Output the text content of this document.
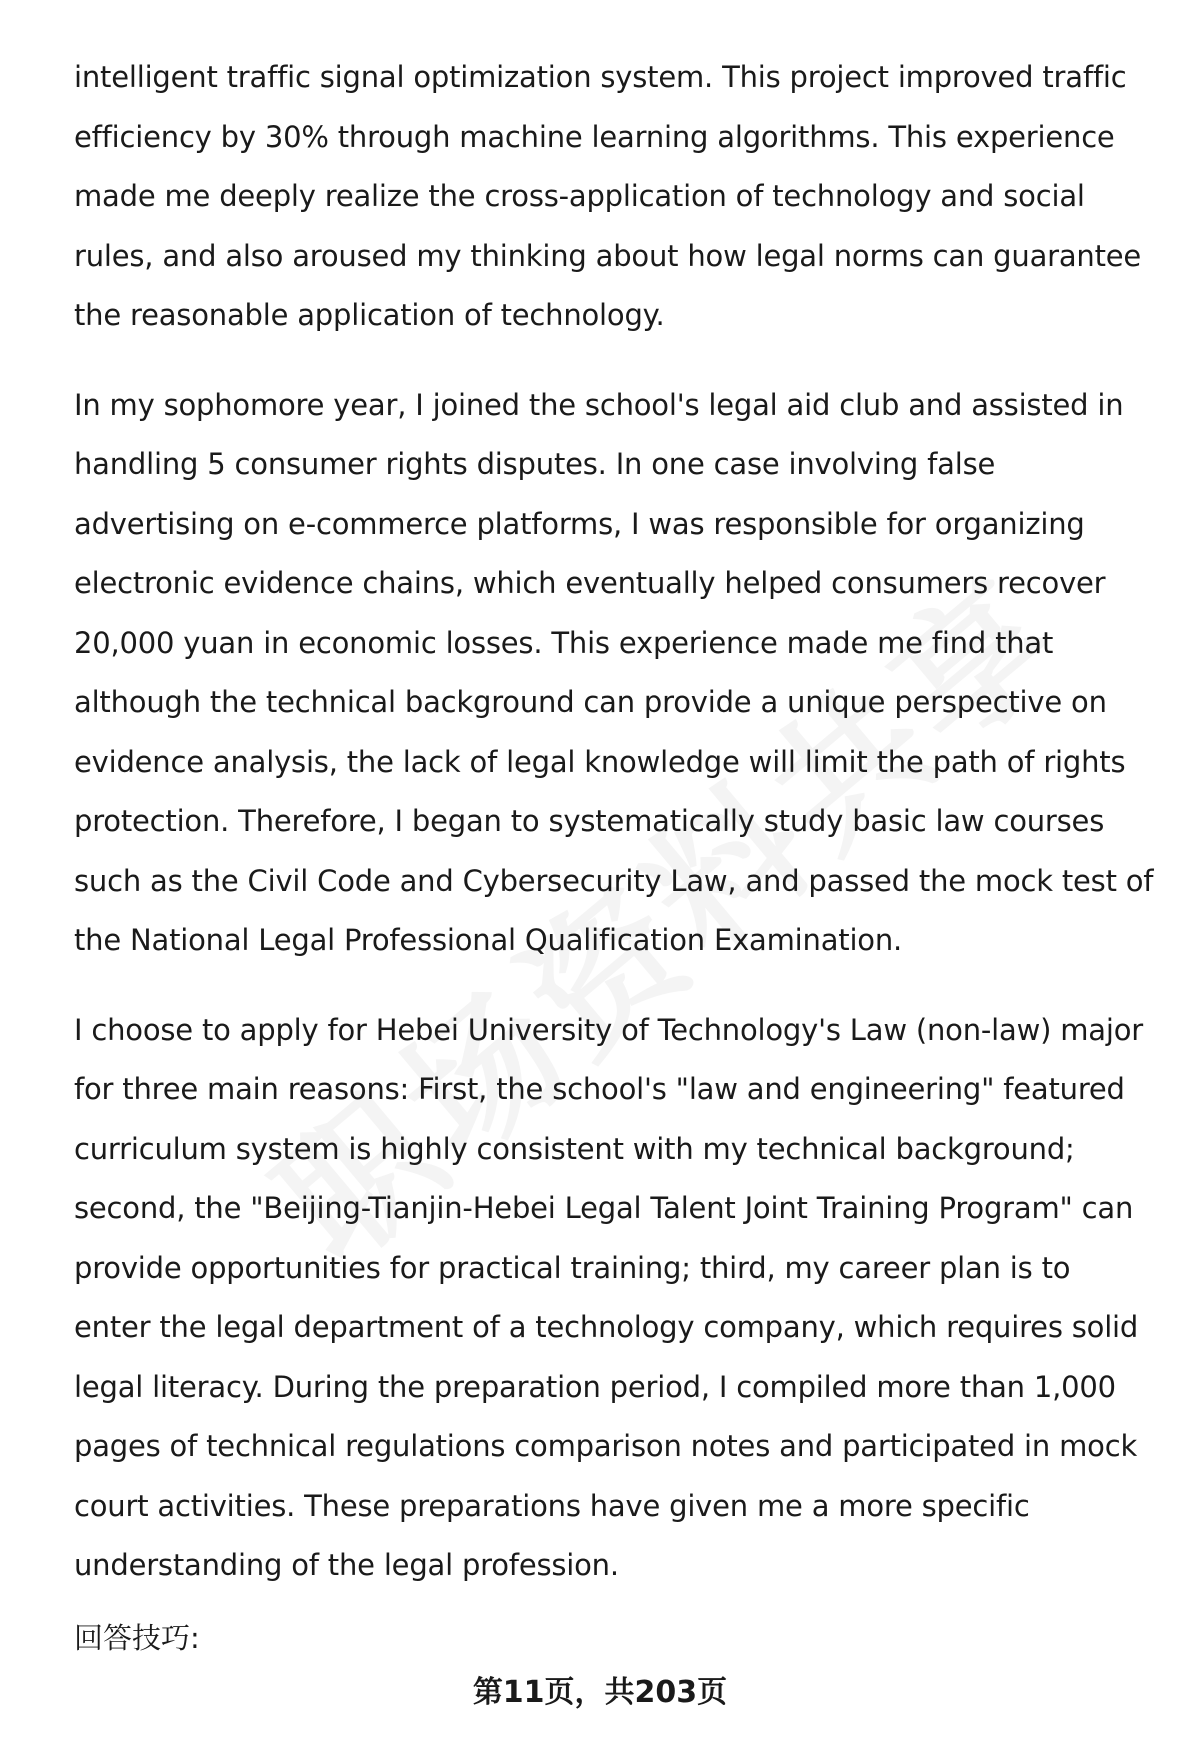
intelligent traffic signal optimization system. This project improved traffic efficiency by 30% through machine learning algorithms. This experience made me deeply realize the cross-application of technology and social rules, and also aroused my thinking about how legal norms can guarantee the reasonable application of technology.

In my sophomore year, I joined the school's legal aid club and assisted in handling 5 consumer rights disputes. In one case involving false advertising on e-commerce platforms, I was responsible for organizing electronic evidence chains, which eventually helped consumers recover 20,000 yuan in economic losses. This experience made me find that although the technical background can provide a unique perspective on evidence analysis, the lack of legal knowledge will limit the path of rights protection. Therefore, I began to systematically study basic law courses such as the Civil Code and Cybersecurity Law, and passed the mock test of the National Legal Professional Qualification Examination.

I choose to apply for Hebei University of Technology's Law (non-law) major for three main reasons: First, the school's "law and engineering" featured curriculum system is highly consistent with my technical background; second, the "Beijing-Tianjin-Hebei Legal Talent Joint Training Program" can provide opportunities for practical training; third, my career plan is to enter the legal department of a technology company, which requires solid legal literacy. During the preparation period, I compiled more than 1,000 pages of technical regulations comparison notes and participated in mock court activities. These preparations have given me a more specific understanding of the legal profession.

回答技巧:

第11页，共203页
